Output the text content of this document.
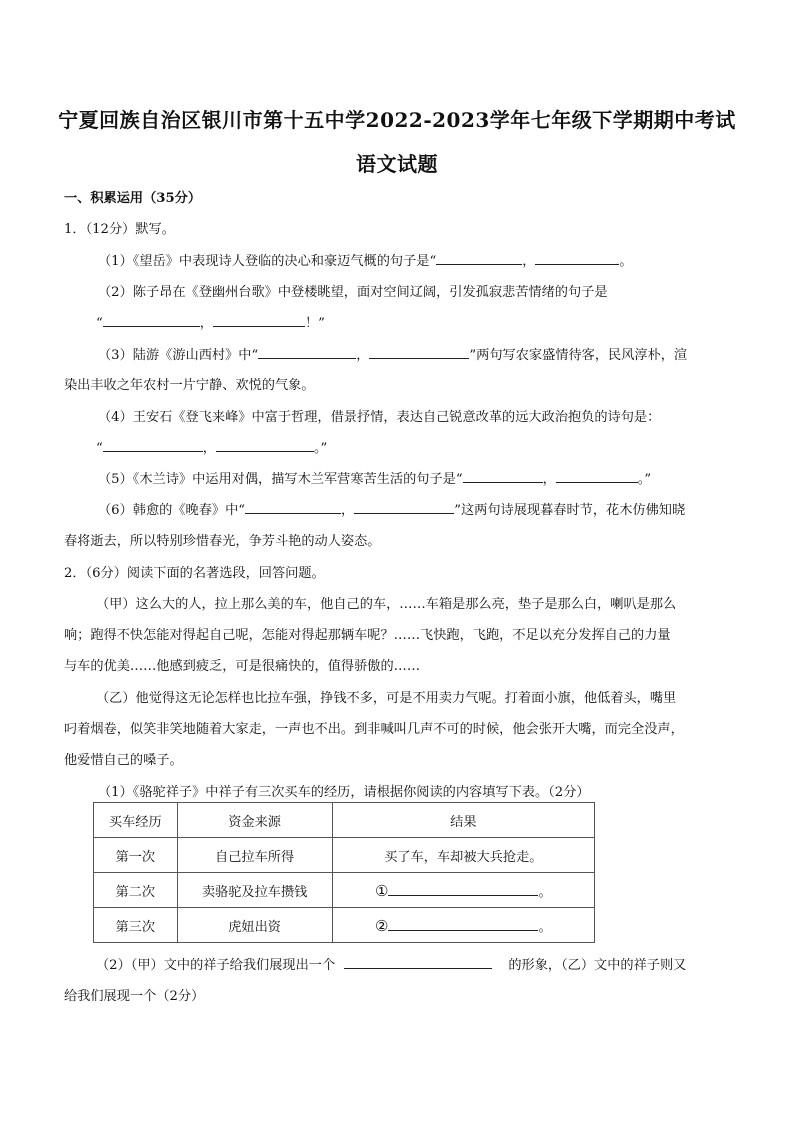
宁夏回族自治区银川市第十五中学2022-2023学年七年级下学期期中考试
语文试题
一、积累运用（35分）
1．（12分）默写。
（1）《望岳》中表现诗人登临的决心和豪迈气概的句子是“	，	。
（2）陈子昂在《登幽州台歌》中登楼眺望，面对空间辽阔，引发孤寂悲苦情绪的句子是
“	，	！”
（3）陆游《游山西村》中“	，	”两句写农家盛情待客，民风淳朴，渲
染出丰收之年农村一片宁静、欢悦的气象。
（4）王安石《登飞来峰》中富于哲理，借景抒情，表达自己锐意改革的远大政治抱负的诗句是：
“	，	。”
（5）《木兰诗》中运用对偶，描写木兰军营寒苦生活的句子是“	，	。”
（6）韩愈的《晚春》中“	，	”这两句诗展现暮春时节，花木仿佛知晓
春将逝去，所以特别珍惜春光，争芳斗艳的动人姿态。
2．（6分）阅读下面的名著选段，回答问题。
（甲）这么大的人，拉上那么美的车，他自己的车，……车箱是那么亮，垫子是那么白，喇叭是那么
响；跑得不快怎能对得起自己呢，怎能对得起那辆车呢？……飞快跑，飞跑，不足以充分发挥自己的力量
与车的优美……他感到疲乏，可是很痛快的，值得骄傲的……
（乙）他觉得这无论怎样也比拉车强，挣钱不多，可是不用卖力气呢。打着面小旗，他低着头，嘴里
叼着烟卷，似笑非笑地随着大家走，一声也不出。到非喊叫几声不可的时候，他会张开大嘴，而完全没声，
他爱惜自己的嗓子。
（1）《骆驼祥子》中祥子有三次买车的经历，请根据你阅读的内容填写下表。（2分）
买车经历	资金来源	结果
第一次	自己拉车所得	买了车，车却被大兵抢走。
第二次	卖骆驼及拉车攒钱	① 。
第三次	虎妞出资	② 。
（2）（甲）文中的祥子给我们展现出一个	的形象，（乙）文中的祥子则又
给我们展现一个（2分）
